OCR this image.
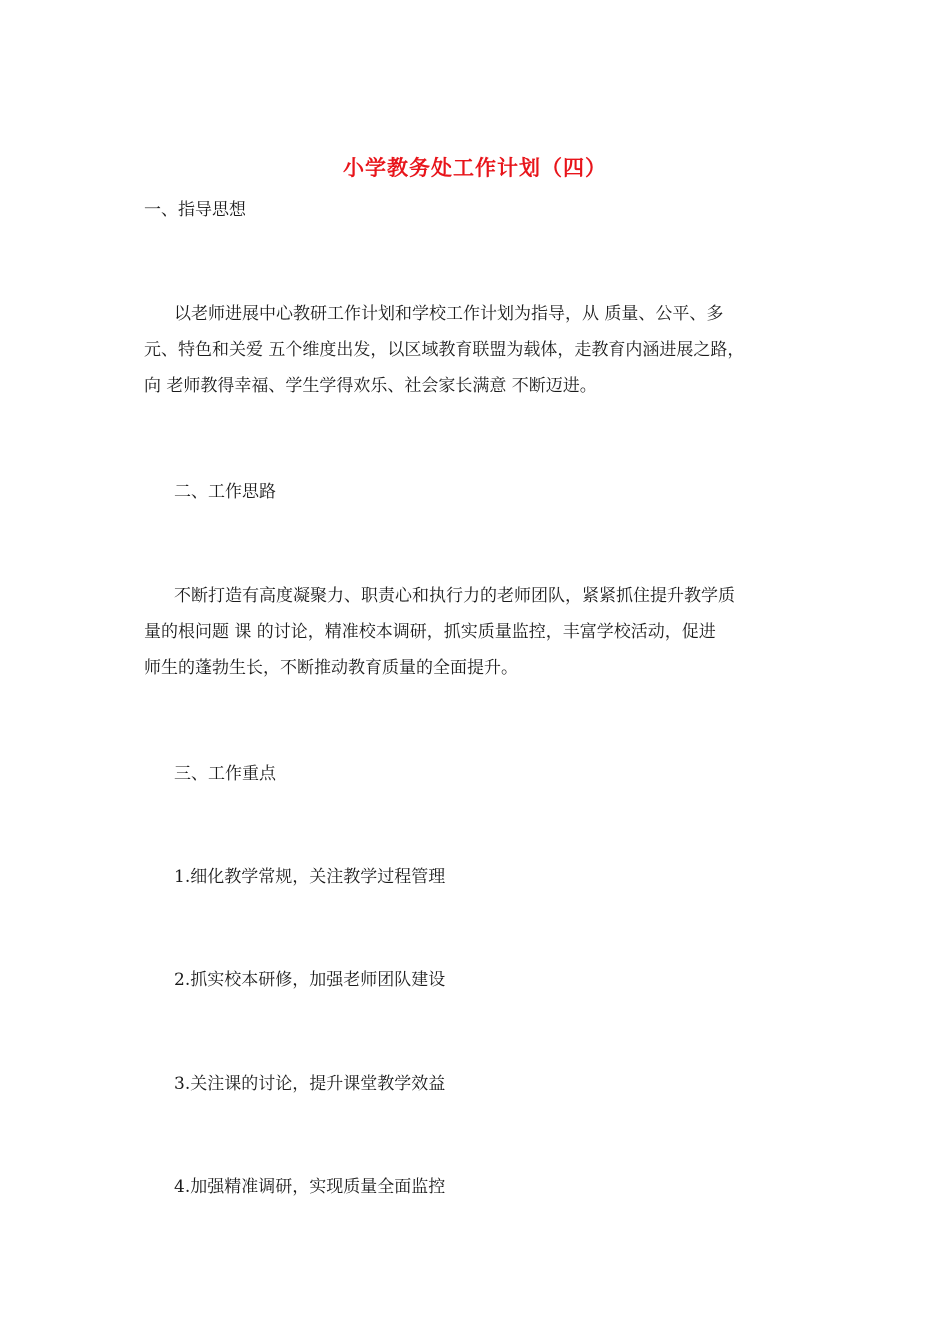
小学教务处工作计划（四）
一、指导思想
以老师进展中心教研工作计划和学校工作计划为指导，从 质量、公平、多
元、特色和关爱 五个维度出发，以区域教育联盟为载体，走教育内涵进展之路，
向 老师教得幸福、学生学得欢乐、社会家长满意 不断迈进。
二、工作思路
不断打造有高度凝聚力、职责心和执行力的老师团队，紧紧抓住提升教学质
量的根问题 课 的讨论，精准校本调研，抓实质量监控，丰富学校活动，促进
师生的蓬勃生长，不断推动教育质量的全面提升。
三、工作重点
1.细化教学常规，关注教学过程管理
2.抓实校本研修，加强老师团队建设
3.关注课的讨论，提升课堂教学效益
4.加强精准调研，实现质量全面监控
